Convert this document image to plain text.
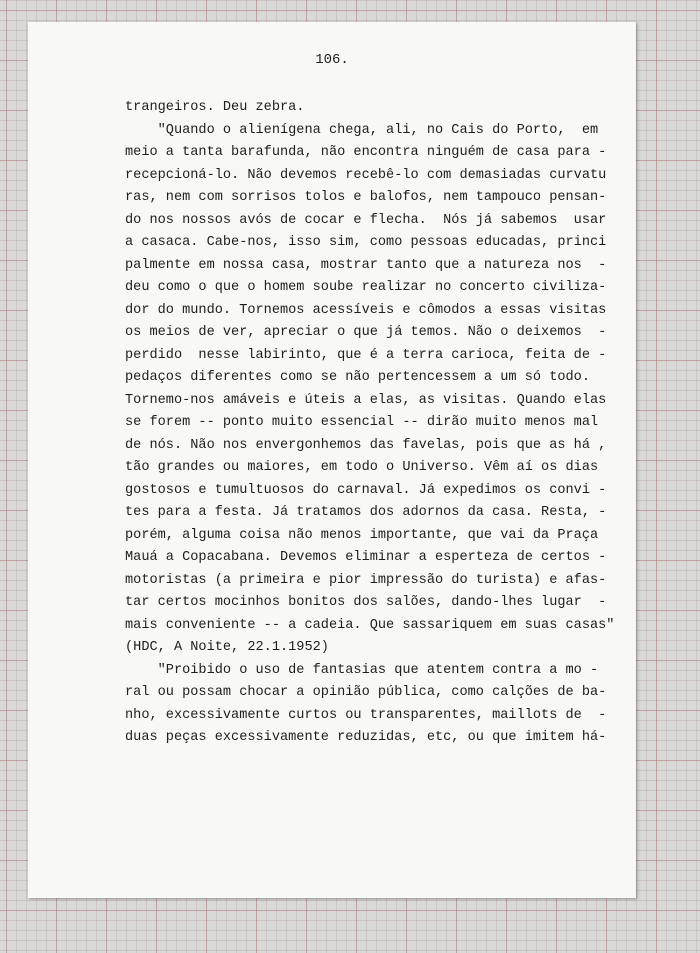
106.
trangeiros. Deu zebra.
"Quando o alienígena chega, ali, no Cais do Porto,  em
meio a tanta barafunda, não encontra ninguém de casa para -
recepcioná-lo. Não devemos recebê-lo com demasiadas curvatu
ras, nem com sorrisos tolos e balofos, nem tampouco pensan-
do nos nossos avós de cocar e flecha.  Nós já sabemos  usar
a casaca. Cabe-nos, isso sim, como pessoas educadas, princi
palmente em nossa casa, mostrar tanto que a natureza nos  -
deu como o que o homem soube realizar no concerto civiliza-
dor do mundo. Tornemos acessíveis e cômodos a essas visitas
os meios de ver, apreciar o que já temos. Não o deixemos  -
perdido  nesse labirinto, que é a terra carioca, feita de -
pedaços diferentes como se não pertencessem a um só todo.
Tornemo-nos amáveis e úteis a elas, as visitas. Quando elas
se forem -- ponto muito essencial -- dirão muito menos mal
de nós. Não nos envergonhemos das favelas, pois que as há ,
tão grandes ou maiores, em todo o Universo. Vêm aí os dias
gostosos e tumultuosos do carnaval. Já expedimos os convi -
tes para a festa. Já tratamos dos adornos da casa. Resta, -
porém, alguma coisa não menos importante, que vai da Praça
Mauá a Copacabana. Devemos eliminar a esperteza de certos -
motoristas (a primeira e pior impressão do turista) e afas-
tar certos mocinhos bonitos dos salões, dando-lhes lugar  -
mais conveniente -- a cadeia. Que sassariquem em suas casas"
(HDC, A Noite, 22.1.1952)
"Proibido o uso de fantasias que atentem contra a mo -
ral ou possam chocar a opinião pública, como calções de ba-
nho, excessivamente curtos ou transparentes, maillots de  -
duas peças excessivamente reduzidas, etc, ou que imitem há-
